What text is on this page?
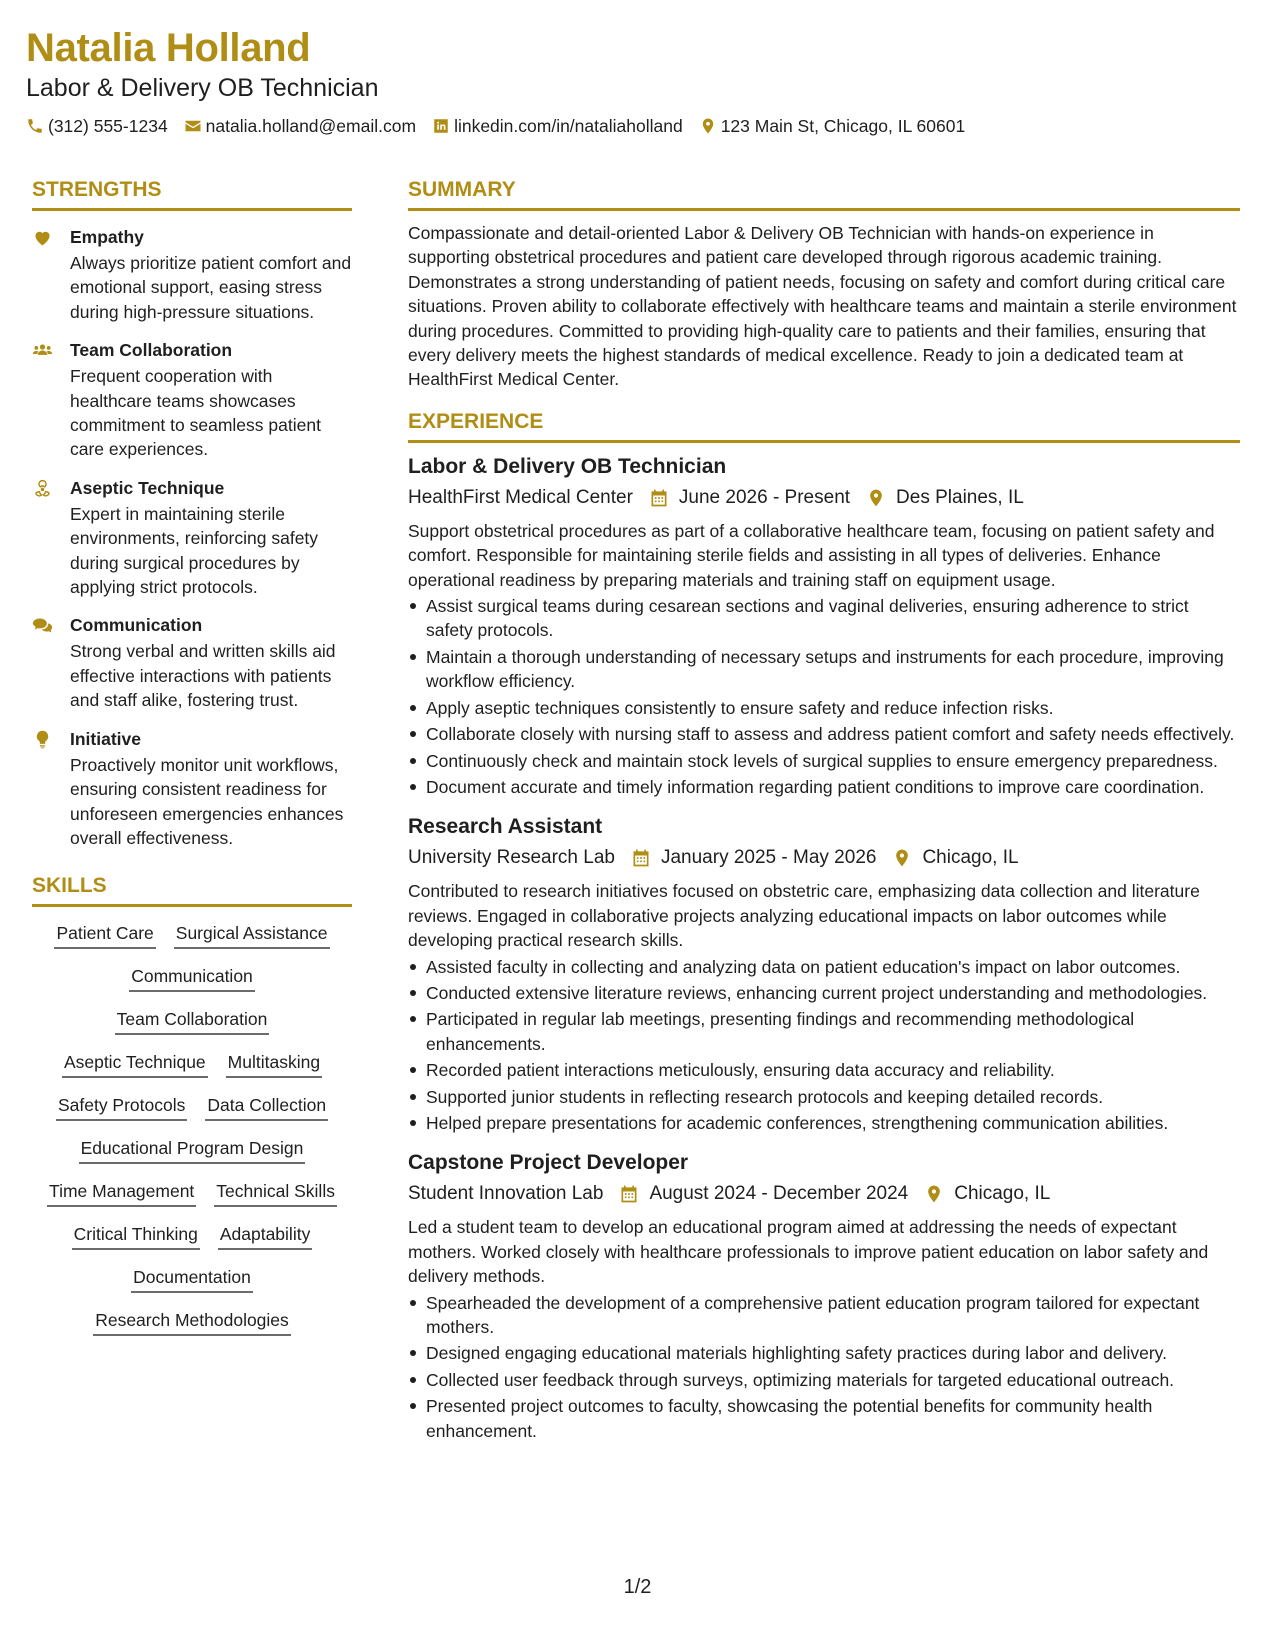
Natalia Holland
Labor & Delivery OB Technician
(312) 555-1234 natalia.holland@email.com linkedin.com/in/nataliaholland 123 Main St, Chicago, IL 60601
STRENGTHS
Empathy
Always prioritize patient comfort and emotional support, easing stress during high-pressure situations.
Team Collaboration
Frequent cooperation with healthcare teams showcases commitment to seamless patient care experiences.
Aseptic Technique
Expert in maintaining sterile environments, reinforcing safety during surgical procedures by applying strict protocols.
Communication
Strong verbal and written skills aid effective interactions with patients and staff alike, fostering trust.
Initiative
Proactively monitor unit workflows, ensuring consistent readiness for unforeseen emergencies enhances overall effectiveness.
SKILLS
Patient Care Surgical Assistance
Communication
Team Collaboration
Aseptic Technique Multitasking
Safety Protocols Data Collection
Educational Program Design
Time Management Technical Skills
Critical Thinking Adaptability
Documentation
Research Methodologies
SUMMARY
Compassionate and detail-oriented Labor & Delivery OB Technician with hands-on experience in supporting obstetrical procedures and patient care developed through rigorous academic training. Demonstrates a strong understanding of patient needs, focusing on safety and comfort during critical care situations. Proven ability to collaborate effectively with healthcare teams and maintain a sterile environment during procedures. Committed to providing high-quality care to patients and their families, ensuring that every delivery meets the highest standards of medical excellence. Ready to join a dedicated team at HealthFirst Medical Center.
EXPERIENCE
Labor & Delivery OB Technician
HealthFirst Medical Center June 2026 - Present Des Plaines, IL
Support obstetrical procedures as part of a collaborative healthcare team, focusing on patient safety and comfort. Responsible for maintaining sterile fields and assisting in all types of deliveries. Enhance operational readiness by preparing materials and training staff on equipment usage.
Assist surgical teams during cesarean sections and vaginal deliveries, ensuring adherence to strict safety protocols.
Maintain a thorough understanding of necessary setups and instruments for each procedure, improving workflow efficiency.
Apply aseptic techniques consistently to ensure safety and reduce infection risks.
Collaborate closely with nursing staff to assess and address patient comfort and safety needs effectively.
Continuously check and maintain stock levels of surgical supplies to ensure emergency preparedness.
Document accurate and timely information regarding patient conditions to improve care coordination.
Research Assistant
University Research Lab January 2025 - May 2026 Chicago, IL
Contributed to research initiatives focused on obstetric care, emphasizing data collection and literature reviews. Engaged in collaborative projects analyzing educational impacts on labor outcomes while developing practical research skills.
Assisted faculty in collecting and analyzing data on patient education's impact on labor outcomes.
Conducted extensive literature reviews, enhancing current project understanding and methodologies.
Participated in regular lab meetings, presenting findings and recommending methodological enhancements.
Recorded patient interactions meticulously, ensuring data accuracy and reliability.
Supported junior students in reflecting research protocols and keeping detailed records.
Helped prepare presentations for academic conferences, strengthening communication abilities.
Capstone Project Developer
Student Innovation Lab August 2024 - December 2024 Chicago, IL
Led a student team to develop an educational program aimed at addressing the needs of expectant mothers. Worked closely with healthcare professionals to improve patient education on labor safety and delivery methods.
Spearheaded the development of a comprehensive patient education program tailored for expectant mothers.
Designed engaging educational materials highlighting safety practices during labor and delivery.
Collected user feedback through surveys, optimizing materials for targeted educational outreach.
Presented project outcomes to faculty, showcasing the potential benefits for community health enhancement.
1/2
